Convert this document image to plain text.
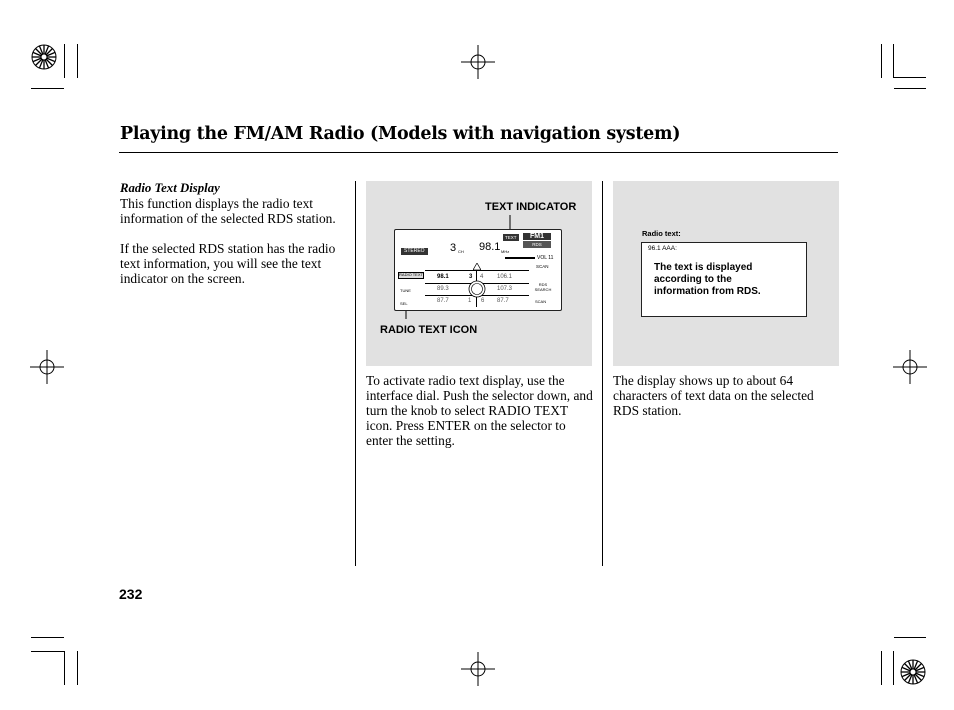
Playing the FM/AM Radio (Models with navigation system)

Radio Text Display

This function displays the radio text information of the selected RDS station.

If the selected RDS station has the radio text information, you will see the text indicator on the screen.

TEXT INDICATOR
RADIO TEXT ICON
STEREO
TEXT	FM1
RDS
3 CH 98.1 MHz
VOL 11
SCAN
RADIO TEXT
TUNE
SEL
RDS SEARCH
SCAN
98.1	3 4 106.1
89.3	107.3
87.7	1 6 87.7
To activate radio text display, use the interface dial. Push the selector down, and turn the knob to select RADIO TEXT icon. Press ENTER on the selector to enter the setting.
Radio text:
96.1 AAA:
The text is displayed according to the information from RDS.
The display shows up to about 64 characters of text data on the selected RDS station.
232
